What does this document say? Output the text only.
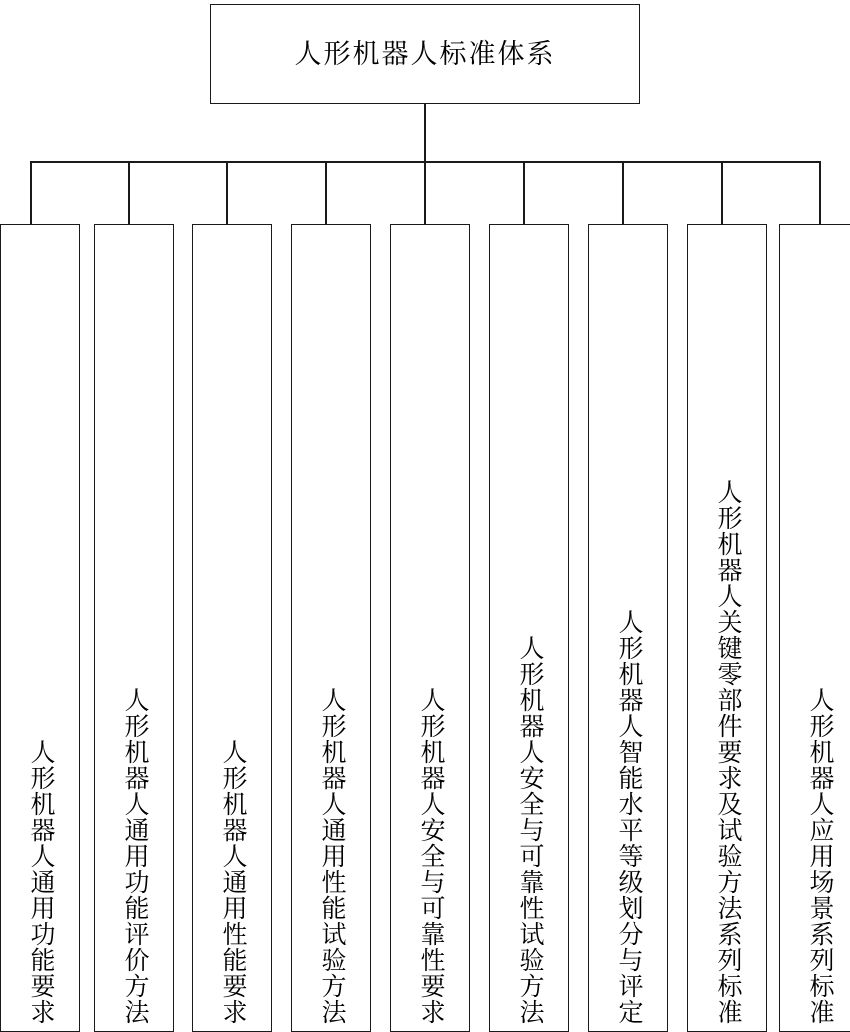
人形机器人标准体系
人形机器人通用功能要求	人形机器人通用功能评价方法	人形机器人通用性能要求	人形机器人通用性能试验方法	人形机器人安全与可靠性要求	人形机器人安全与可靠性试验方法	人形机器人智能水平等级划分与评定	人形机器人关键零部件要求及试验方法系列标准	人形机器人应用场景系列标准
